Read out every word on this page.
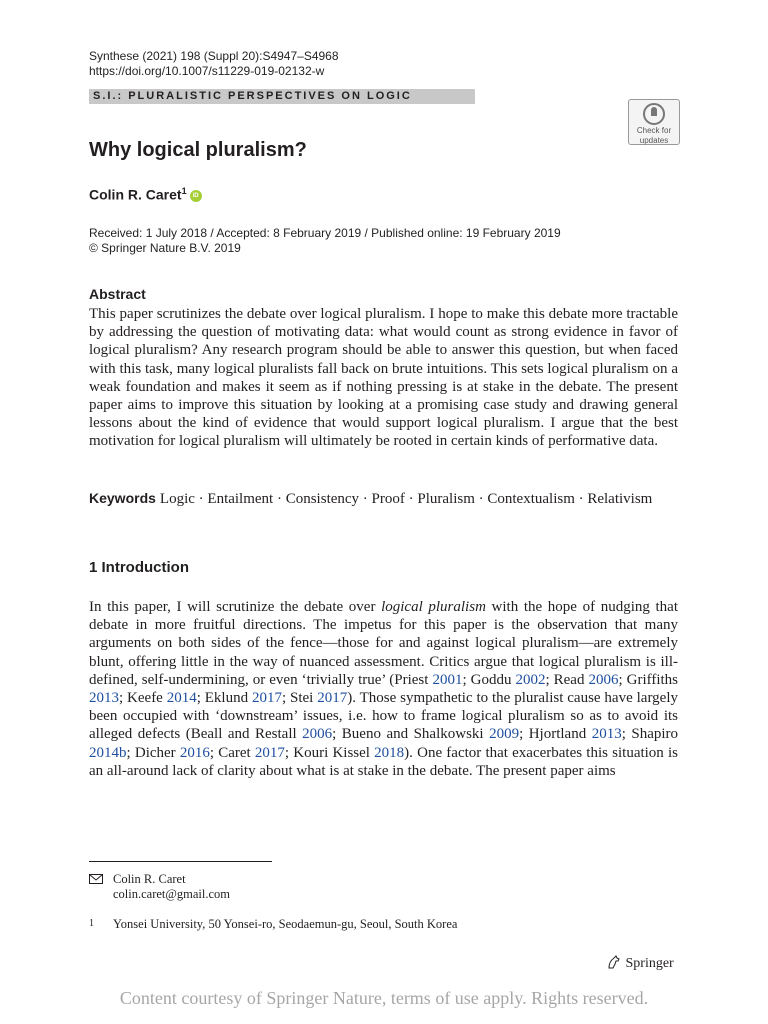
Synthese (2021) 198 (Suppl 20):S4947–S4968
https://doi.org/10.1007/s11229-019-02132-w
S.I.: PLURALISTIC PERSPECTIVES ON LOGIC
Check for
updates
Why logical pluralism?
Colin R. Caret$^1$ iD
Received: 1 July 2018 / Accepted: 8 February 2019 / Published online: 19 February 2019
© Springer Nature B.V. 2019
Abstract
This paper scrutinizes the debate over logical pluralism. I hope to make this debate more tractable by addressing the question of motivating data: what would count as strong evidence in favor of logical pluralism? Any research program should be able to answer this question, but when faced with this task, many logical pluralists fall back on brute intuitions. This sets logical pluralism on a weak foundation and makes it seem as if nothing pressing is at stake in the debate. The present paper aims to improve this situation by looking at a promising case study and drawing general lessons about the kind of evidence that would support logical pluralism. I argue that the best motivation for logical pluralism will ultimately be rooted in certain kinds of performative data.
Keywords Logic · Entailment · Consistency · Proof · Pluralism · Contextualism · Relativism
1 Introduction
In this paper, I will scrutinize the debate over logical pluralism with the hope of nudging that debate in more fruitful directions. The impetus for this paper is the observation that many arguments on both sides of the fence—those for and against logical pluralism—are extremely blunt, offering little in the way of nuanced assessment. Critics argue that logical pluralism is ill-defined, self-undermining, or even ‘trivially true’ (Priest 2001; Goddu 2002; Read 2006; Griffiths 2013; Keefe 2014; Eklund 2017; Stei 2017). Those sympathetic to the pluralist cause have largely been occupied with ‘downstream’ issues, i.e. how to frame logical pluralism so as to avoid its alleged defects (Beall and Restall 2006; Bueno and Shalkowski 2009; Hjortland 2013; Shapiro 2014b; Dicher 2016; Caret 2017; Kouri Kissel 2018). One factor that exacerbates this situation is an all-around lack of clarity about what is at stake in the debate. The present paper aims
Colin R. Caret
colin.caret@gmail.com
1 Yonsei University, 50 Yonsei-ro, Seodaemun-gu, Seoul, South Korea
Springer
Content courtesy of Springer Nature, terms of use apply. Rights reserved.
